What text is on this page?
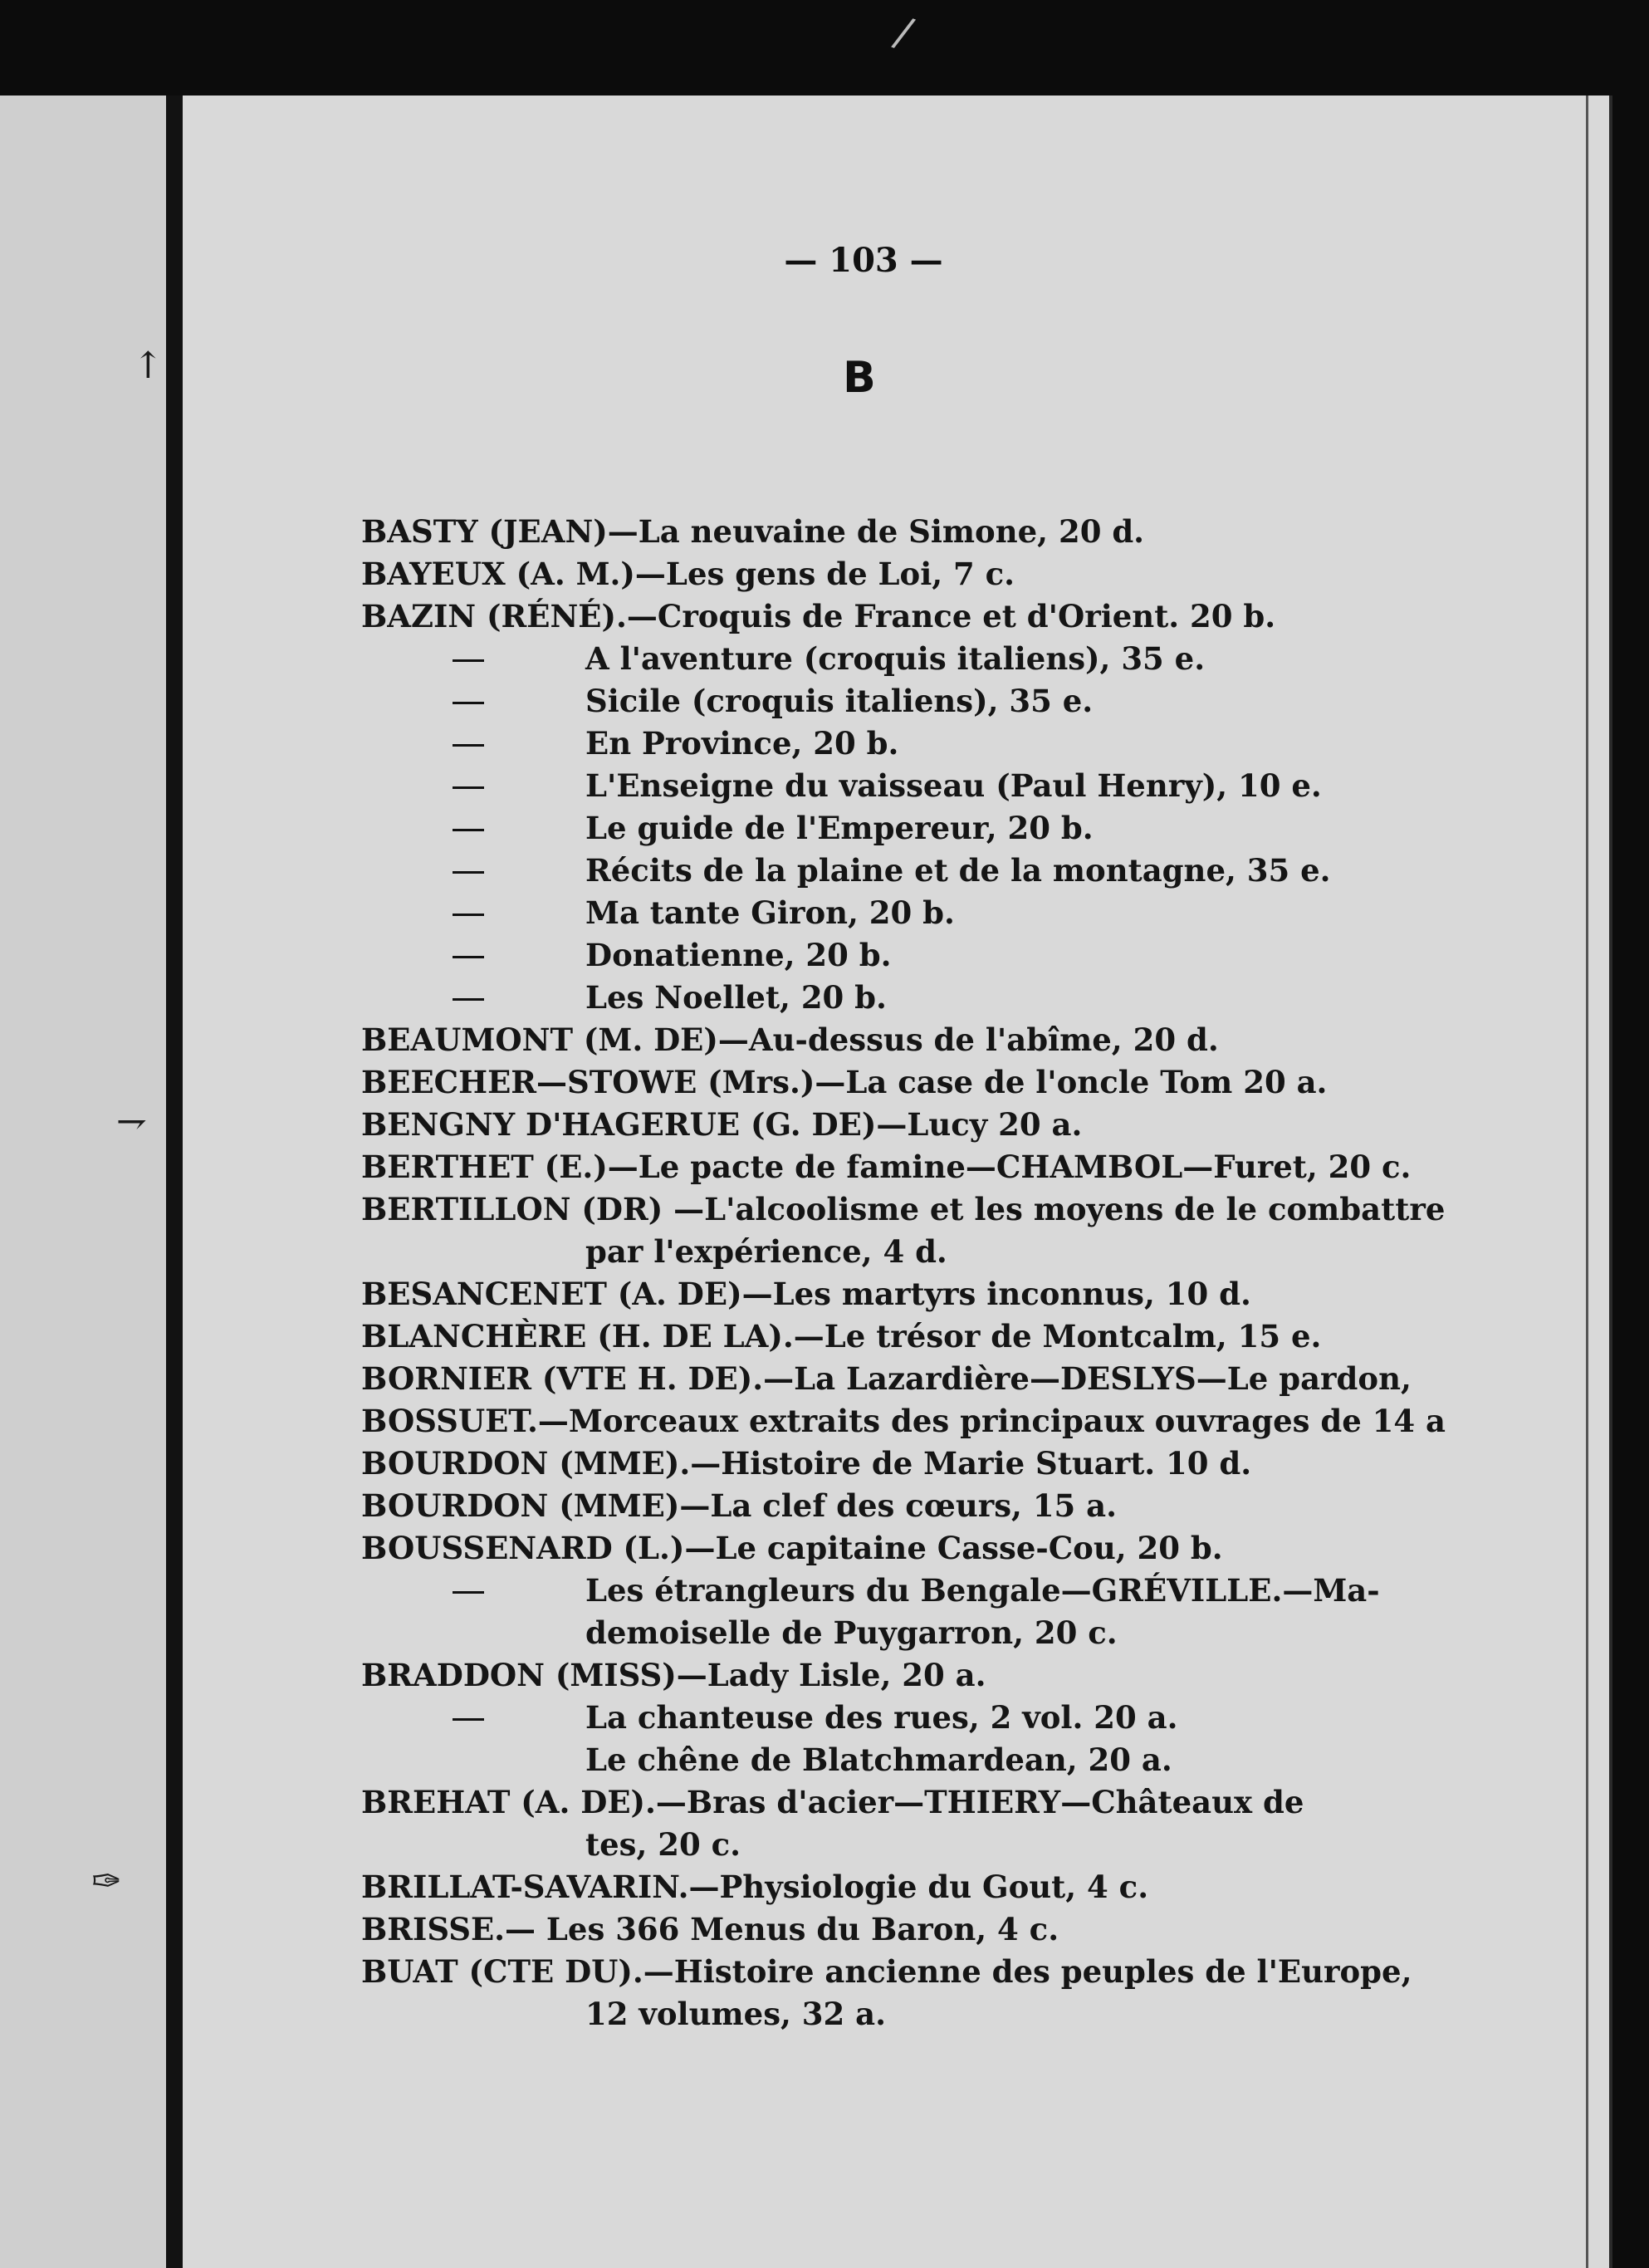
/
— 103 —
B
↑
⇁
✑
BASTY (JEAN)—La neuvaine de Simone, 20 d.
BAYEUX (A. M.)—Les gens de Loi, 7 c.
BAZIN (RÉNÉ).—Croquis de France et d'Orient. 20 b.
A l'aventure (croquis italiens), 35 e.
Sicile (croquis italiens), 35 e.
En Province, 20 b.
L'Enseigne du vaisseau (Paul Henry), 10 e.
Le guide de l'Empereur, 20 b.
Récits de la plaine et de la montagne, 35 e.
Ma tante Giron, 20 b.
Donatienne, 20 b.
Les Noellet, 20 b.
BEAUMONT (M. DE)—Au-dessus de l'abîme, 20 d.
BEECHER—STOWE (Mrs.)—La case de l'oncle Tom 20 a.
BENGNY D'HAGERUE (G. DE)—Lucy 20 a.
BERTHET (E.)—Le pacte de famine—CHAMBOL—Furet, 20 c.
BERTILLON (DR) —L'alcoolisme et les moyens de le combattre
par l'expérience, 4 d.
BESANCENET (A. DE)—Les martyrs inconnus, 10 d.
BLANCHÈRE (H. DE LA).—Le trésor de Montcalm, 15 e.
BORNIER (VTE H. DE).—La Lazardière—DESLYS—Le pardon,
BOSSUET.—Morceaux extraits des principaux ouvrages de 14 a
BOURDON (MME).—Histoire de Marie Stuart. 10 d.
BOURDON (MME)—La clef des cœurs, 15 a.
BOUSSENARD (L.)—Le capitaine Casse-Cou, 20 b.
Les étrangleurs du Bengale—GRÉVILLE.—Ma-
demoiselle de Puygarron, 20 c.
BRADDON (MISS)—Lady Lisle, 20 a.
La chanteuse des rues, 2 vol. 20 a.
Le chêne de Blatchmardean, 20 a.
BREHAT (A. DE).—Bras d'acier—THIERY—Châteaux de
tes, 20 c.
BRILLAT-SAVARIN.—Physiologie du Gout, 4 c.
BRISSE.— Les 366 Menus du Baron, 4 c.
BUAT (CTE DU).—Histoire ancienne des peuples de l'Europe,
12 volumes, 32 a.
